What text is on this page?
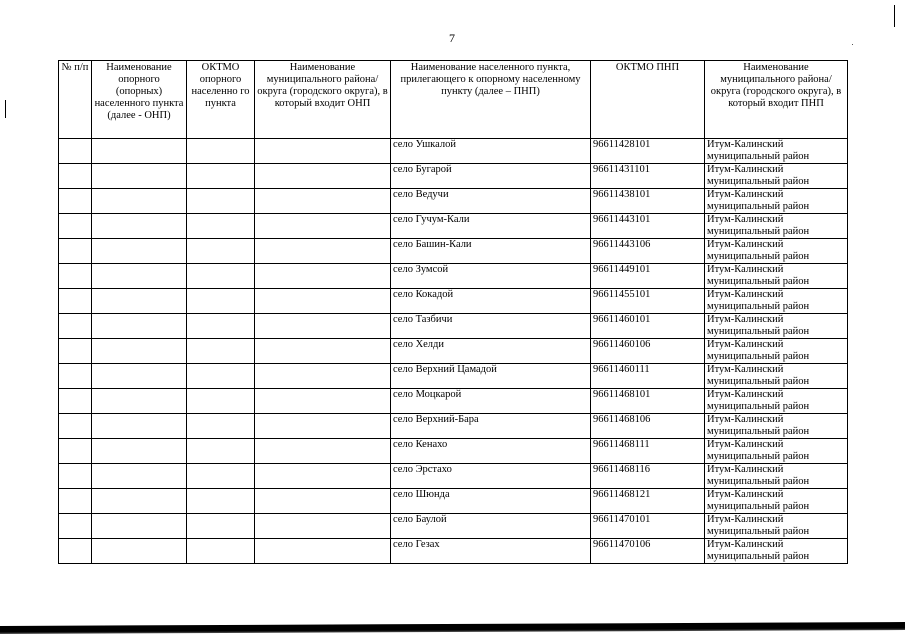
7
№ п/п	Наименование опорного (опорных) населенного пункта (далее - ОНП)	ОКТМО опорного населенно го пункта	Наименование муниципального района/округа (городского округа), в который входит ОНП	Наименование населенного пункта, прилегающего к опорному населенному пункту (далее – ПНП)	ОКТМО ПНП	Наименование муниципального района/округа (городского округа), в который входит ПНП
				село Ушкалой	96611428101	Итум-Калинский муниципальный район
				село Бугарой	96611431101	Итум-Калинский муниципальный район
				село Ведучи	96611438101	Итум-Калинский муниципальный район
				село Гучум-Кали	96611443101	Итум-Калинский муниципальный район
				село Башин-Кали	96611443106	Итум-Калинский муниципальный район
				село Зумсой	96611449101	Итум-Калинский муниципальный район
				село Кокадой	96611455101	Итум-Калинский муниципальный район
				село Тазбичи	96611460101	Итум-Калинский муниципальный район
				село Хелди	96611460106	Итум-Калинский муниципальный район
				село Верхний Цамадой	96611460111	Итум-Калинский муниципальный район
				село Моцкарой	96611468101	Итум-Калинский муниципальный район
				село Верхний-Бара	96611468106	Итум-Калинский муниципальный район
				село Кенахо	96611468111	Итум-Калинский муниципальный район
				село Эрстахо	96611468116	Итум-Калинский муниципальный район
				село Шюнда	96611468121	Итум-Калинский муниципальный район
				село Баулой	96611470101	Итум-Калинский муниципальный район
				село Гезах	96611470106	Итум-Калинский муниципальный район
